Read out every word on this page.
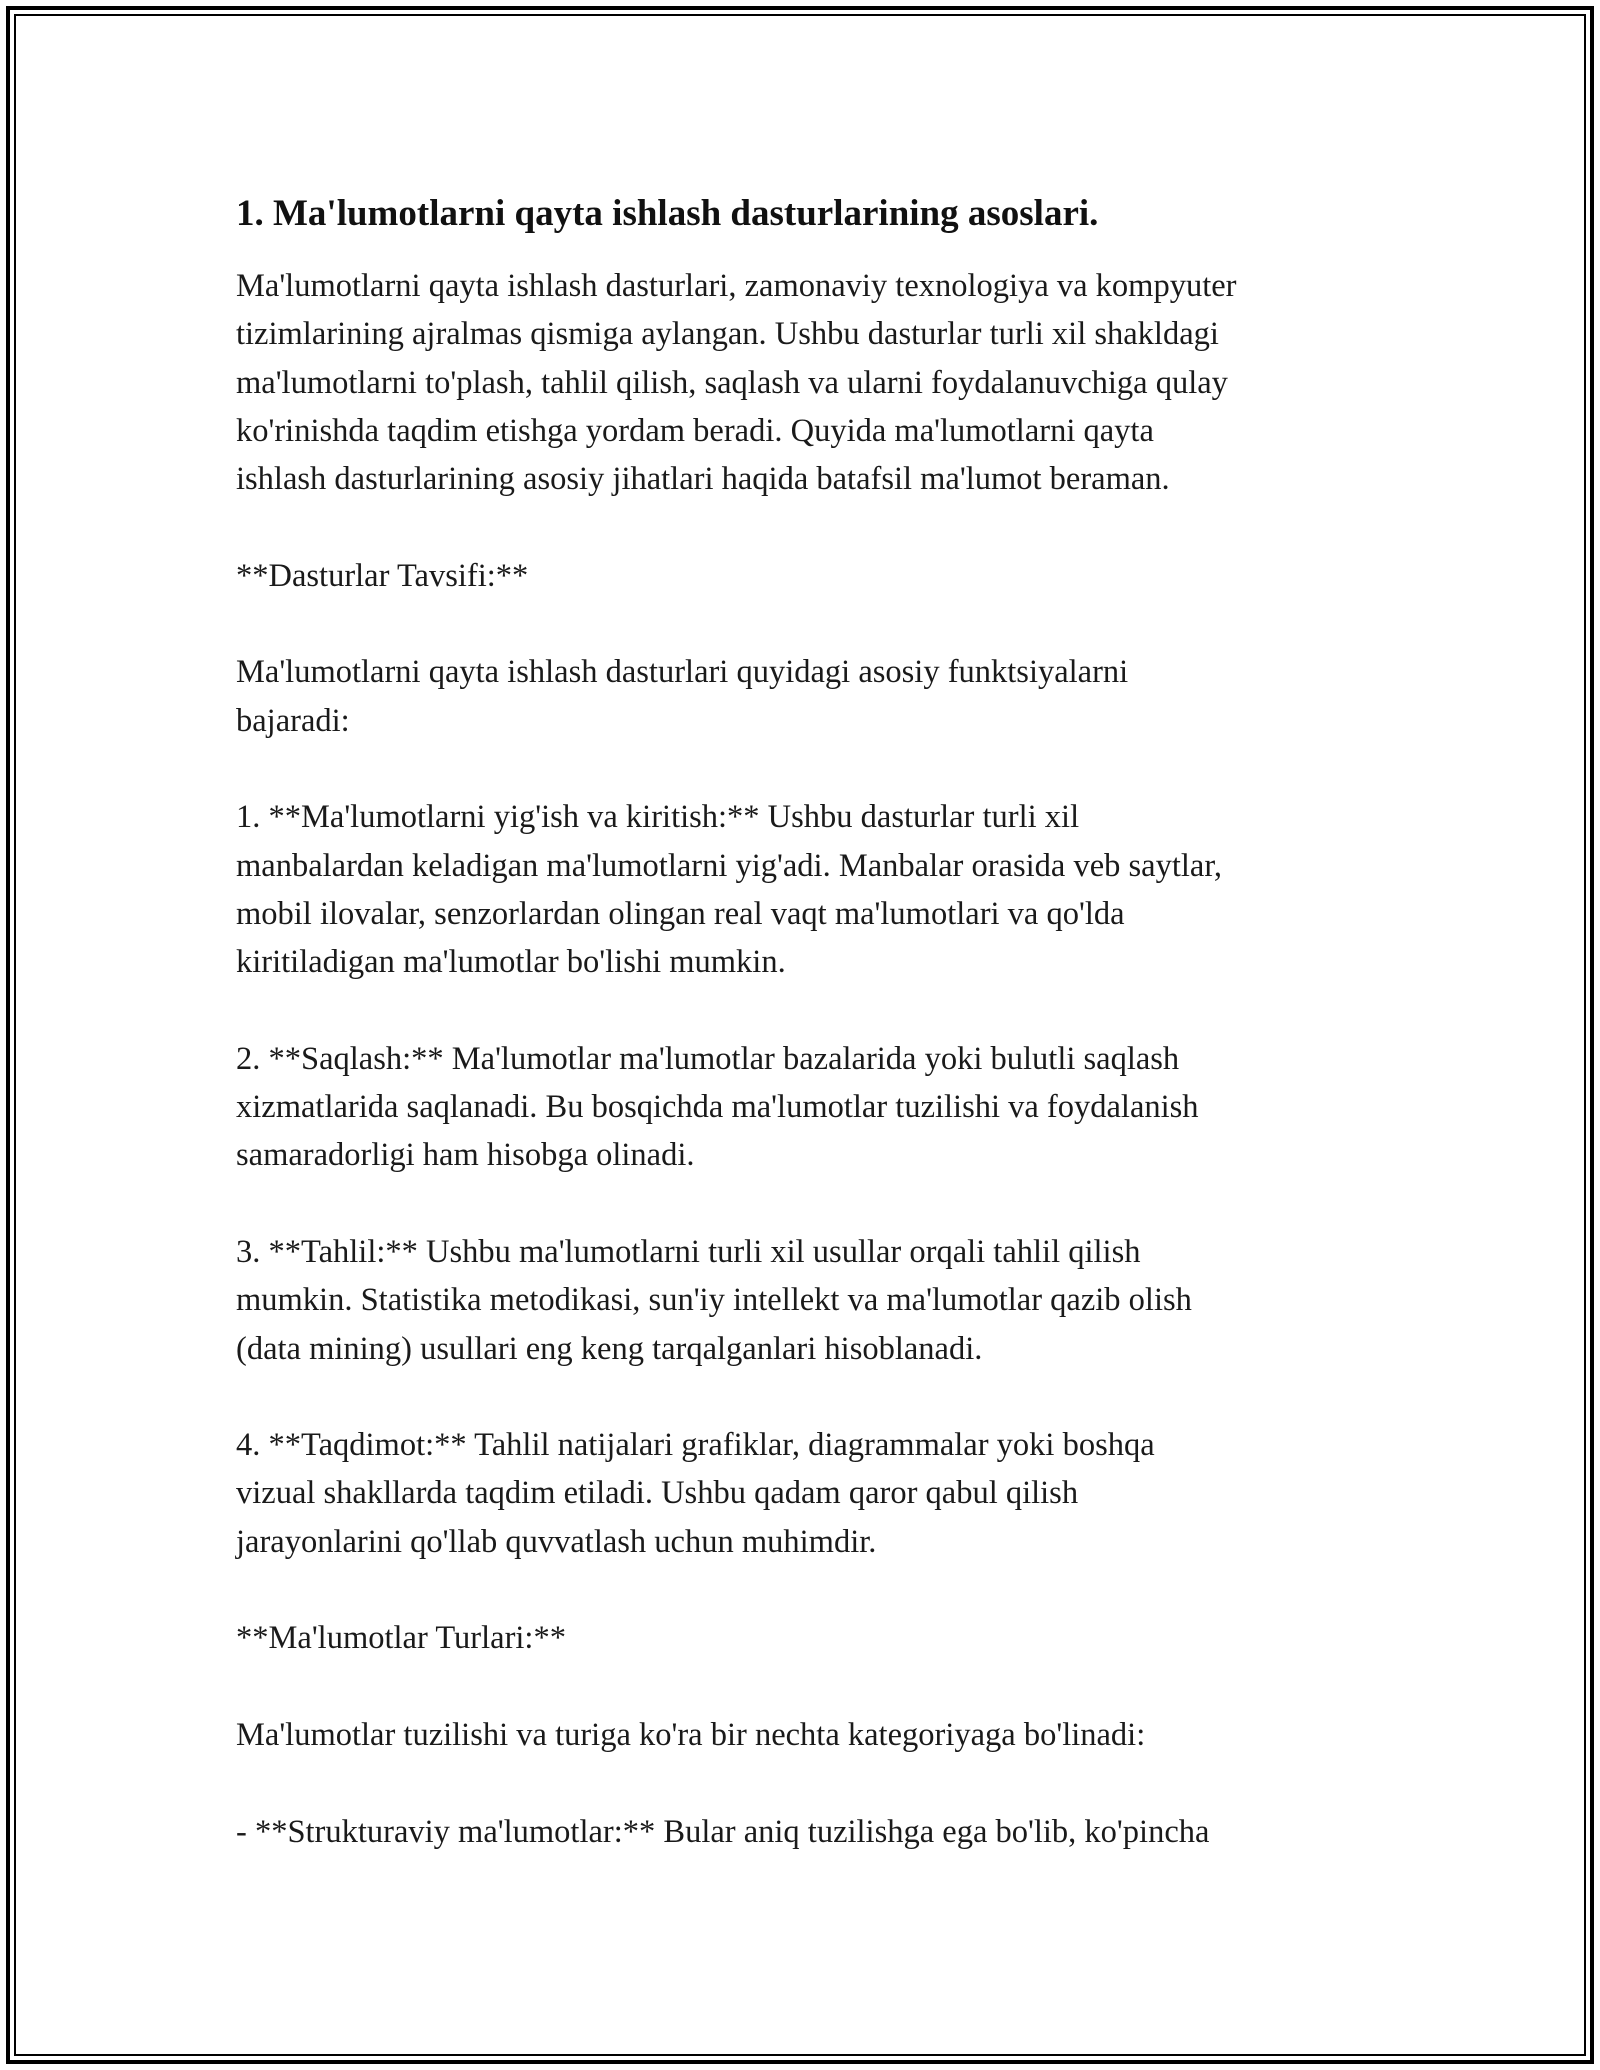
1. Ma'lumotlarni qayta ishlash dasturlarining asoslari.

Ma'lumotlarni qayta ishlash dasturlari, zamonaviy texnologiya va kompyuter
tizimlarining ajralmas qismiga aylangan. Ushbu dasturlar turli xil shakldagi
ma'lumotlarni to'plash, tahlil qilish, saqlash va ularni foydalanuvchiga qulay
ko'rinishda taqdim etishga yordam beradi. Quyida ma'lumotlarni qayta
ishlash dasturlarining asosiy jihatlari haqida batafsil ma'lumot beraman.

**Dasturlar Tavsifi:**

Ma'lumotlarni qayta ishlash dasturlari quyidagi asosiy funktsiyalarni
bajaradi:

1. **Ma'lumotlarni yig'ish va kiritish:** Ushbu dasturlar turli xil
manbalardan keladigan ma'lumotlarni yig'adi. Manbalar orasida veb saytlar,
mobil ilovalar, senzorlardan olingan real vaqt ma'lumotlari va qo'lda
kiritiladigan ma'lumotlar bo'lishi mumkin.

2. **Saqlash:** Ma'lumotlar ma'lumotlar bazalarida yoki bulutli saqlash
xizmatlarida saqlanadi. Bu bosqichda ma'lumotlar tuzilishi va foydalanish
samaradorligi ham hisobga olinadi.

3. **Tahlil:** Ushbu ma'lumotlarni turli xil usullar orqali tahlil qilish
mumkin. Statistika metodikasi, sun'iy intellekt va ma'lumotlar qazib olish
(data mining) usullari eng keng tarqalganlari hisoblanadi.

4. **Taqdimot:** Tahlil natijalari grafiklar, diagrammalar yoki boshqa
vizual shakllarda taqdim etiladi. Ushbu qadam qaror qabul qilish
jarayonlarini qo'llab quvvatlash uchun muhimdir.

**Ma'lumotlar Turlari:**

Ma'lumotlar tuzilishi va turiga ko'ra bir nechta kategoriyaga bo'linadi:

- **Strukturaviy ma'lumotlar:** Bular aniq tuzilishga ega bo'lib, ko'pincha
